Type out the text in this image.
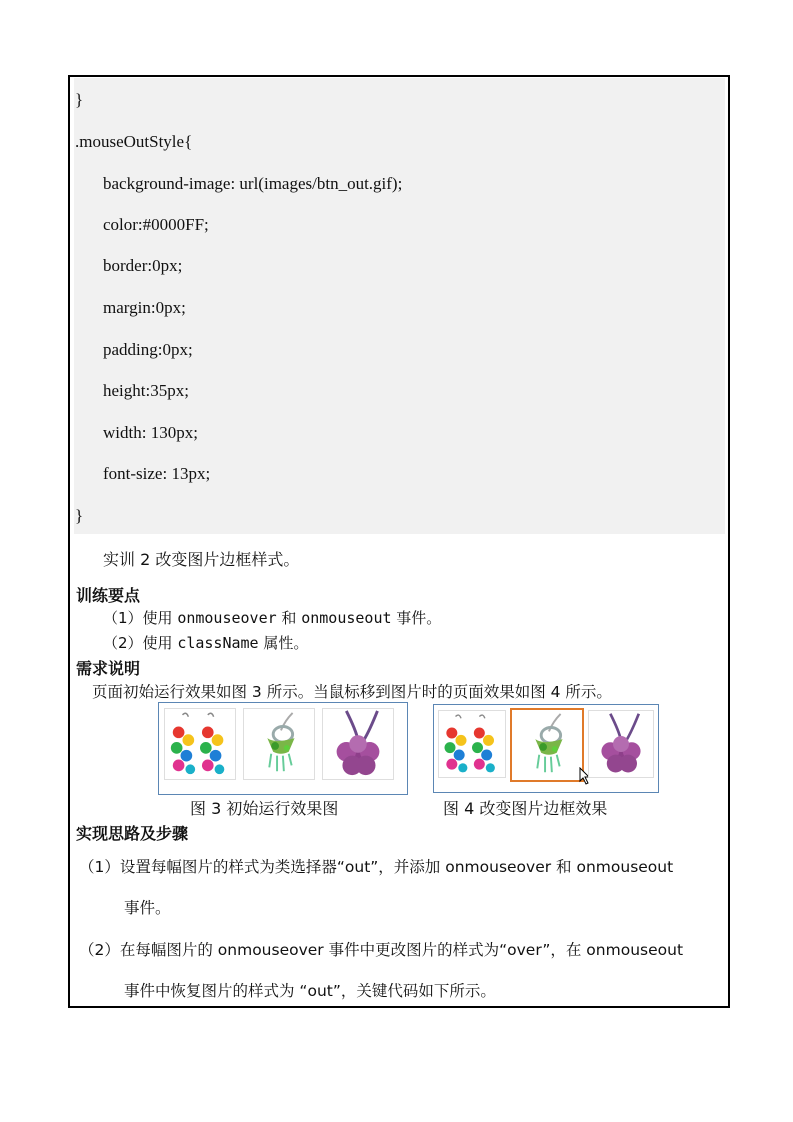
}
.mouseOutStyle{
background-image: url(images/btn_out.gif);
color:#0000FF;
border:0px;
margin:0px;
padding:0px;
height:35px;
width: 130px;
font-size: 13px;
}
实训 2 改变图片边框样式。
训练要点
（1）使用 onmouseover 和 onmouseout 事件。
（2）使用 className 属性。
需求说明
页面初始运行效果如图 3 所示。当鼠标移到图片时的页面效果如图 4 所示。
图 3 初始运行效果图	图 4 改变图片边框效果
实现思路及步骤
（1）设置每幅图片的样式为类选择器“out”，并添加 onmouseover 和 onmouseout
事件。
（2）在每幅图片的 onmouseover 事件中更改图片的样式为“over”，在 onmouseout
事件中恢复图片的样式为 “out”，关键代码如下所示。
